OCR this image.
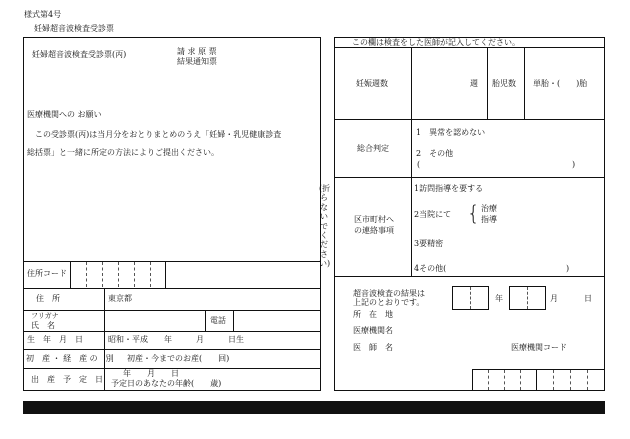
様式第4号
妊婦超音波検査受診票
妊婦超音波検査受診票(丙)	請 求 原 票
結果通知票
医療機関への お願い
この受診票(丙)は当月分をおとりまとめのうえ「妊婦・乳児健康診査
総括票」と一緒に所定の方法によりご提出ください。
(折らないでください)
住所コード
住　所	東京都
フリガナ
氏　名
電話
生　年　月　日	昭和・平成　　年　　　月　　　日生
初　産 ・ 経　産 の　別 初産・今までのお産(　　回)
出　産　予　定　日
年　　月　　日
予定日のあなたの年齢(　　歳)
この欄は検査をした医師が記入してください。
妊娠週数	週 胎児数 単胎・(　　)胎
総合判定
1　異常を認めない
2　その他
(	)
区市町村へ
の連絡事項
1訪問指導を要する
2当院にて { 治療
指導
3要精密
4その他(	)
超音波検査の結果は
上記のとおりです。	年	月	日
所　在　地
医療機関名
医　師　名	医療機関コード
